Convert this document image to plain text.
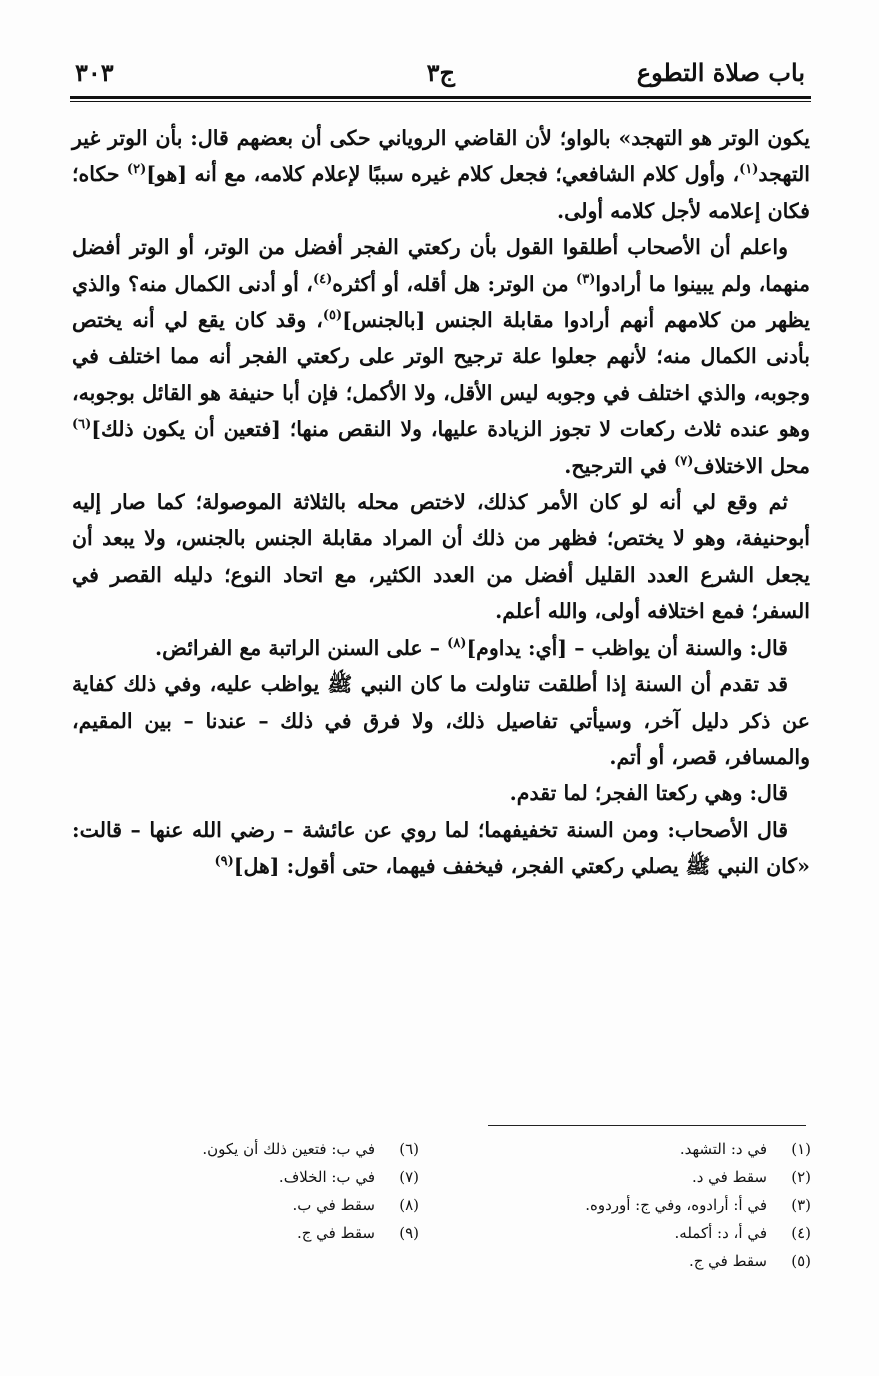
باب صلاة التطوع
ج٣
٣٠٣

يكون الوتر هو التهجد» بالواو؛ لأن القاضي الروياني حكى أن بعضهم قال: بأن الوتر غير التهجد$^{(١)}$، وأول كلام الشافعي؛ فجعل كلام غيره سببًا لإعلام كلامه، مع أنه [هو]$^{(٢)}$ حكاه؛ فكان إعلامه لأجل كلامه أولى.

واعلم أن الأصحاب أطلقوا القول بأن ركعتي الفجر أفضل من الوتر، أو الوتر أفضل منهما، ولم يبينوا ما أرادوا$^{(٣)}$ من الوتر: هل أقله، أو أكثره$^{(٤)}$، أو أدنى الكمال منه؟ والذي يظهر من كلامهم أنهم أرادوا مقابلة الجنس [بالجنس]$^{(٥)}$، وقد كان يقع لي أنه يختص بأدنى الكمال منه؛ لأنهم جعلوا علة ترجيح الوتر على ركعتي الفجر أنه مما اختلف في وجوبه، والذي اختلف في وجوبه ليس الأقل، ولا الأكمل؛ فإن أبا حنيفة هو القائل بوجوبه، وهو عنده ثلاث ركعات لا تجوز الزيادة عليها، ولا النقص منها؛ [فتعين أن يكون ذلك]$^{(٦)}$ محل الاختلاف$^{(٧)}$ في الترجيح.

ثم وقع لي أنه لو كان الأمر كذلك، لاختص محله بالثلاثة الموصولة؛ كما صار إليه أبوحنيفة، وهو لا يختص؛ فظهر من ذلك أن المراد مقابلة الجنس بالجنس، ولا يبعد أن يجعل الشرع العدد القليل أفضل من العدد الكثير، مع اتحاد النوع؛ دليله القصر في السفر؛ فمع اختلافه أولى، والله أعلم.

قال: والسنة أن يواظب – [أي: يداوم]$^{(٨)}$ – على السنن الراتبة مع الفرائض.

قد تقدم أن السنة إذا أطلقت تناولت ما كان النبي ﷺ يواظب عليه، وفي ذلك كفاية عن ذكر دليل آخر، وسيأتي تفاصيل ذلك، ولا فرق في ذلك – عندنا – بين المقيم، والمسافر، قصر، أو أتم.

قال: وهي ركعتا الفجر؛ لما تقدم.

قال الأصحاب: ومن السنة تخفيفهما؛ لما روي عن عائشة – رضي الله عنها – قالت: «كان النبي ﷺ يصلي ركعتي الفجر، فيخفف فيهما، حتى أقول: [هل]$^{(٩)}$

(١)في د: التشهد.
(٢)سقط في د.
(٣)في أ: أرادوه، وفي ج: أوردوه.
(٤)في أ، د: أكمله.
(٥)سقط في ج.
(٦)في ب: فتعين ذلك أن يكون.
(٧)في ب: الخلاف.
(٨)سقط في ب.
(٩)سقط في ج.
